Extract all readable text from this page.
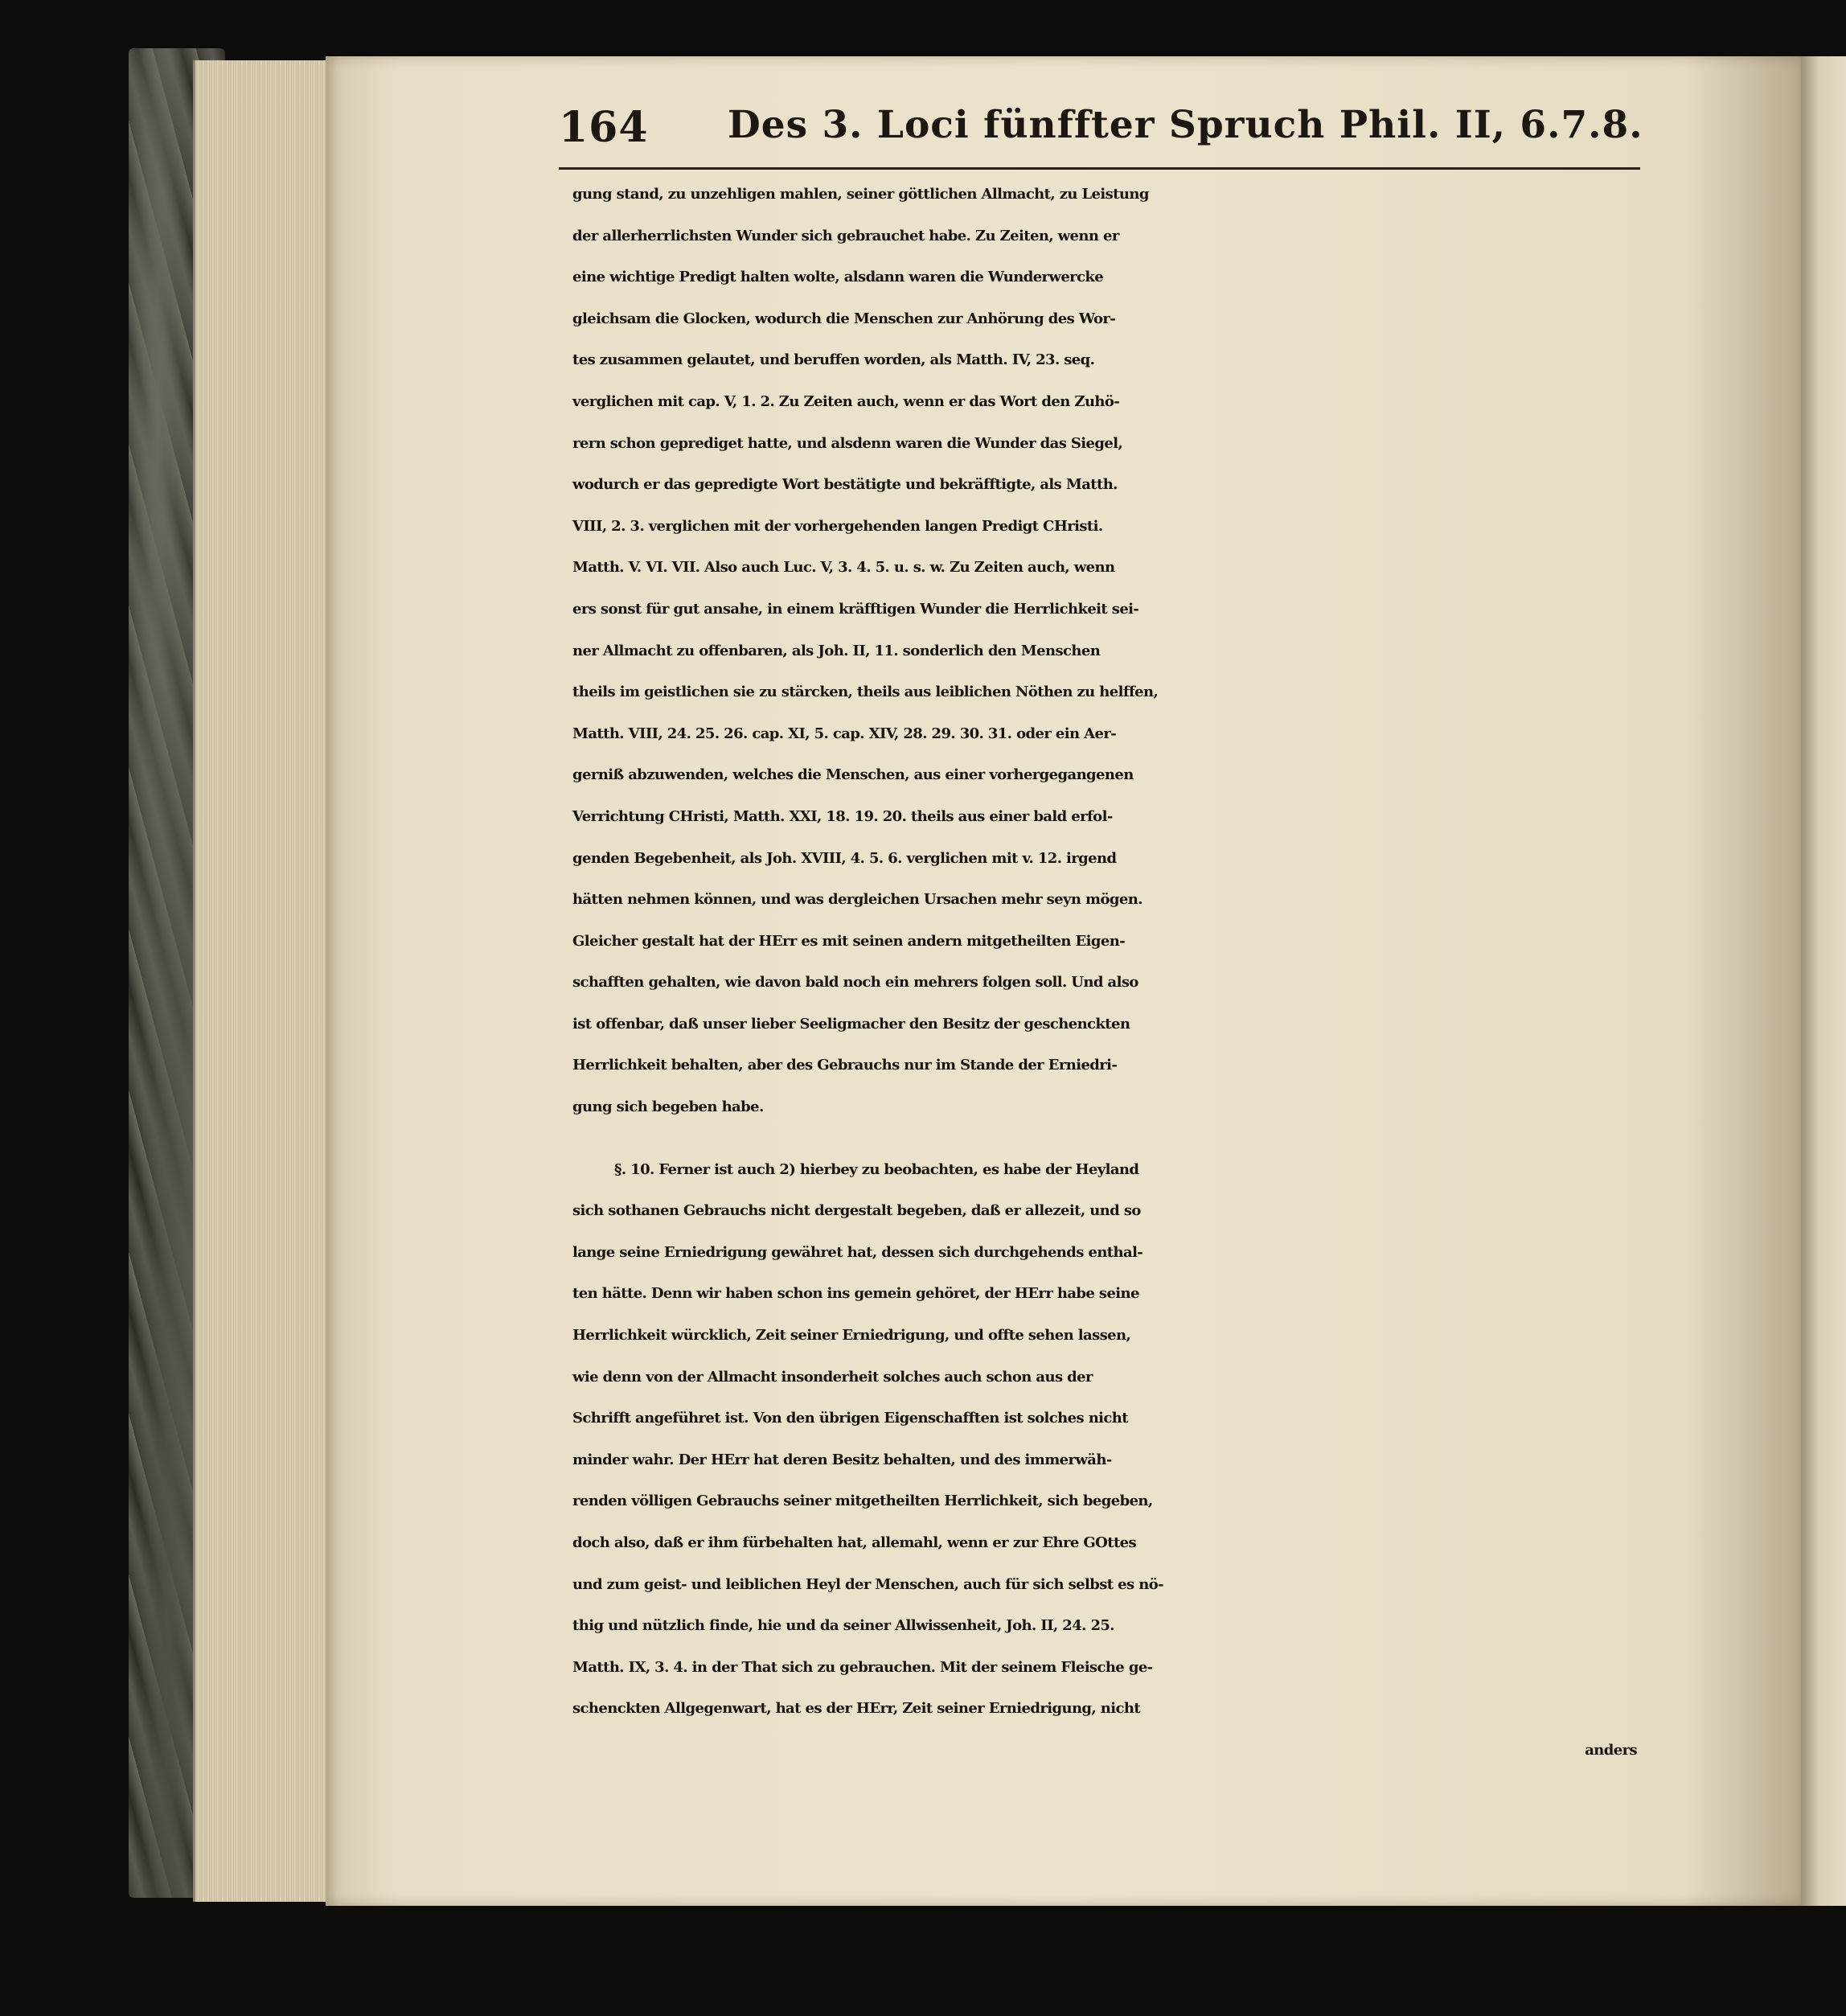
164 Des 3. Loci fünffter Spruch Phil. II, 6.7.8.
gung stand, zu unzehligen mahlen, seiner göttlichen Allmacht, zu Leistung
der allerherrlichsten Wunder sich gebrauchet habe. Zu Zeiten, wenn er
eine wichtige Predigt halten wolte, alsdann waren die Wunderwercke
gleichsam die Glocken, wodurch die Menschen zur Anhörung des Wor-
tes zusammen gelautet, und beruffen worden, als Matth. IV, 23. seq.
verglichen mit cap. V, 1. 2. Zu Zeiten auch, wenn er das Wort den Zuhö-
rern schon geprediget hatte, und alsdenn waren die Wunder das Siegel,
wodurch er das gepredigte Wort bestätigte und bekräfftigte, als Matth.
VIII, 2. 3. verglichen mit der vorhergehenden langen Predigt CHristi.
Matth. V. VI. VII. Also auch Luc. V, 3. 4. 5. u. s. w. Zu Zeiten auch, wenn
ers sonst für gut ansahe, in einem kräfftigen Wunder die Herrlichkeit sei-
ner Allmacht zu offenbaren, als Joh. II, 11. sonderlich den Menschen
theils im geistlichen sie zu stärcken, theils aus leiblichen Nöthen zu helffen,
Matth. VIII, 24. 25. 26. cap. XI, 5. cap. XIV, 28. 29. 30. 31. oder ein Aer-
gerniß abzuwenden, welches die Menschen, aus einer vorhergegangenen
Verrichtung CHristi, Matth. XXI, 18. 19. 20. theils aus einer bald erfol-
genden Begebenheit, als Joh. XVIII, 4. 5. 6. verglichen mit v. 12. irgend
hätten nehmen können, und was dergleichen Ursachen mehr seyn mögen.
Gleicher gestalt hat der HErr es mit seinen andern mitgetheilten Eigen-
schafften gehalten, wie davon bald noch ein mehrers folgen soll. Und also
ist offenbar, daß unser lieber Seeligmacher den Besitz der geschenckten
Herrlichkeit behalten, aber des Gebrauchs nur im Stande der Erniedri-
gung sich begeben habe.
§. 10. Ferner ist auch 2) hierbey zu beobachten, es habe der Heyland
sich sothanen Gebrauchs nicht dergestalt begeben, daß er allezeit, und so
lange seine Erniedrigung gewähret hat, dessen sich durchgehends enthal-
ten hätte. Denn wir haben schon ins gemein gehöret, der HErr habe seine
Herrlichkeit würcklich, Zeit seiner Erniedrigung, und offte sehen lassen,
wie denn von der Allmacht insonderheit solches auch schon aus der
Schrifft angeführet ist. Von den übrigen Eigenschafften ist solches nicht
minder wahr. Der HErr hat deren Besitz behalten, und des immerwäh-
renden völligen Gebrauchs seiner mitgetheilten Herrlichkeit, sich begeben,
doch also, daß er ihm fürbehalten hat, allemahl, wenn er zur Ehre GOttes
und zum geist- und leiblichen Heyl der Menschen, auch für sich selbst es nö-
thig und nützlich finde, hie und da seiner Allwissenheit, Joh. II, 24. 25.
Matth. IX, 3. 4. in der That sich zu gebrauchen. Mit der seinem Fleische ge-
schenckten Allgegenwart, hat es der HErr, Zeit seiner Erniedrigung, nicht
anders
